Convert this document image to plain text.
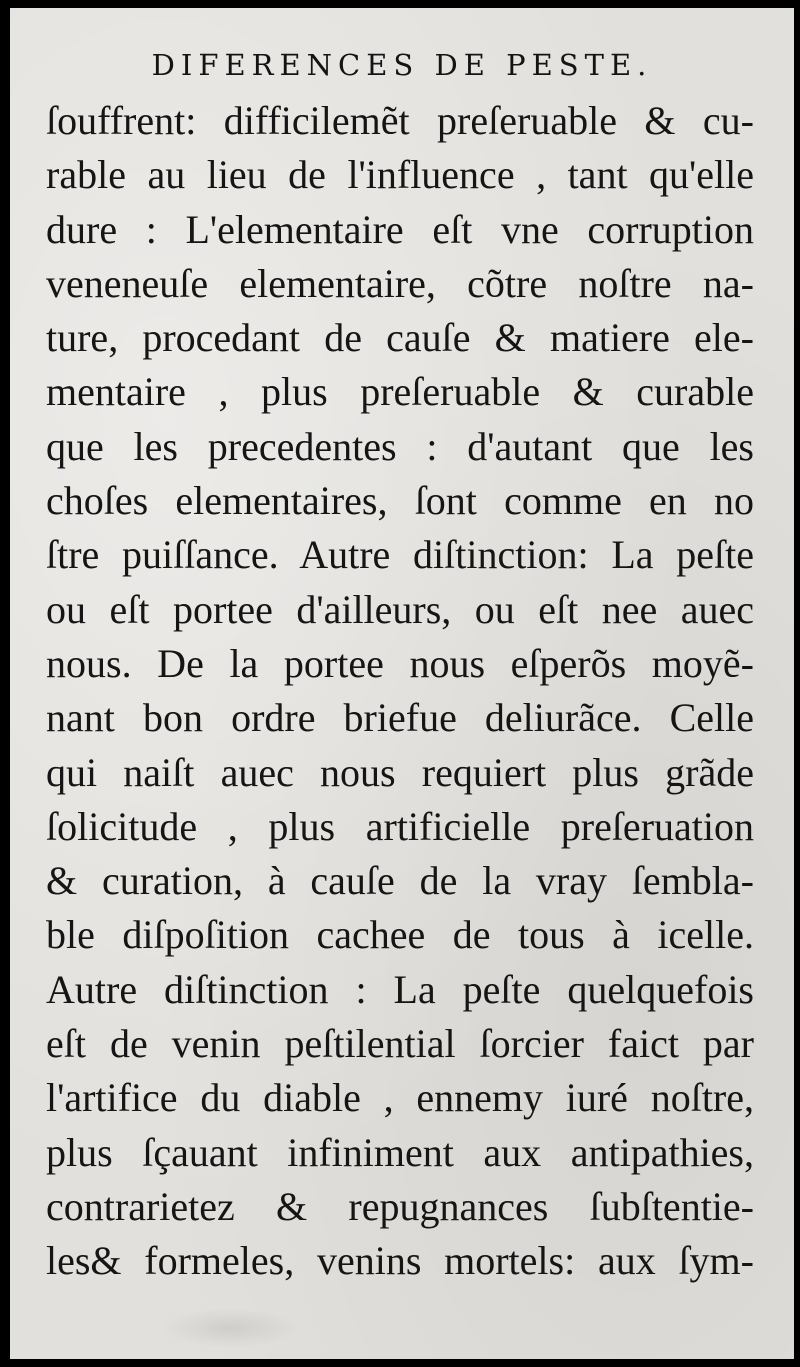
DIFERENCES DE PESTE.
ſouffrent: difficilemẽt preſeruable & cu-
rable au lieu de l'influence , tant qu'elle
dure : L'elementaire eſt vne corruption
veneneuſe elementaire, cõtre noſtre na-
ture, procedant de cauſe & matiere ele-
mentaire , plus preſeruable & curable
que les precedentes : d'autant que les
choſes elementaires, ſont comme en no
ſtre puiſſance. Autre diſtinction: La peſte
ou eſt portee d'ailleurs, ou eſt nee auec
nous. De la portee nous eſperõs moyẽ-
nant bon ordre briefue deliurãce. Celle
qui naiſt auec nous requiert plus grãde
ſolicitude , plus artificielle preſeruation
& curation, à cauſe de la vray ſembla-
ble diſpoſition cachee de tous à icelle.
Autre diſtinction : La peſte quelquefois
eſt de venin peſtilential ſorcier faict par
l'artifice du diable , ennemy iuré noſtre,
plus ſçauant infiniment aux antipathies,
contrarietez & repugnances ſubſtentie-
les& formeles, venins mortels: aux ſym-
